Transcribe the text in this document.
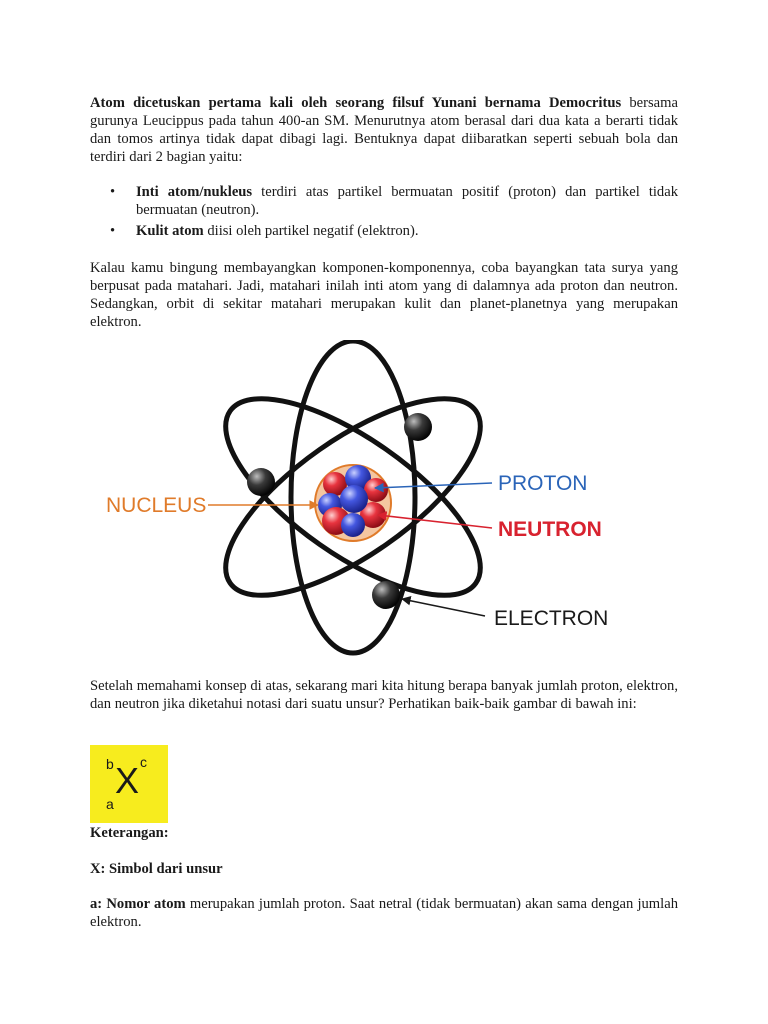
Atom dicetuskan pertama kali oleh seorang filsuf Yunani bernama Democritus bersama gurunya Leucippus pada tahun 400-an SM. Menurutnya atom berasal dari dua kata a berarti tidak dan tomos artinya tidak dapat dibagi lagi. Bentuknya dapat diibaratkan seperti sebuah bola dan terdiri dari 2 bagian yaitu:

• Inti atom/nukleus terdiri atas partikel bermuatan positif (proton) dan partikel tidak bermuatan (neutron).
• Kulit atom diisi oleh partikel negatif (elektron).

Kalau kamu bingung membayangkan komponen-komponennya, coba bayangkan tata surya yang berpusat pada matahari. Jadi, matahari inilah inti atom yang di dalamnya ada proton dan neutron. Sedangkan, orbit di sekitar matahari merupakan kulit dan planet-planetnya yang merupakan elektron.

NUCLEUS
PROTON
NEUTRON
ELECTRON

Setelah memahami konsep di atas, sekarang mari kita hitung berapa banyak jumlah proton, elektron, dan neutron jika diketahui notasi dari suatu unsur? Perhatikan baik-baik gambar di bawah ini:

b c
X
a

Keterangan:

X: Simbol dari unsur

a: Nomor atom merupakan jumlah proton. Saat netral (tidak bermuatan) akan sama dengan jumlah elektron.
